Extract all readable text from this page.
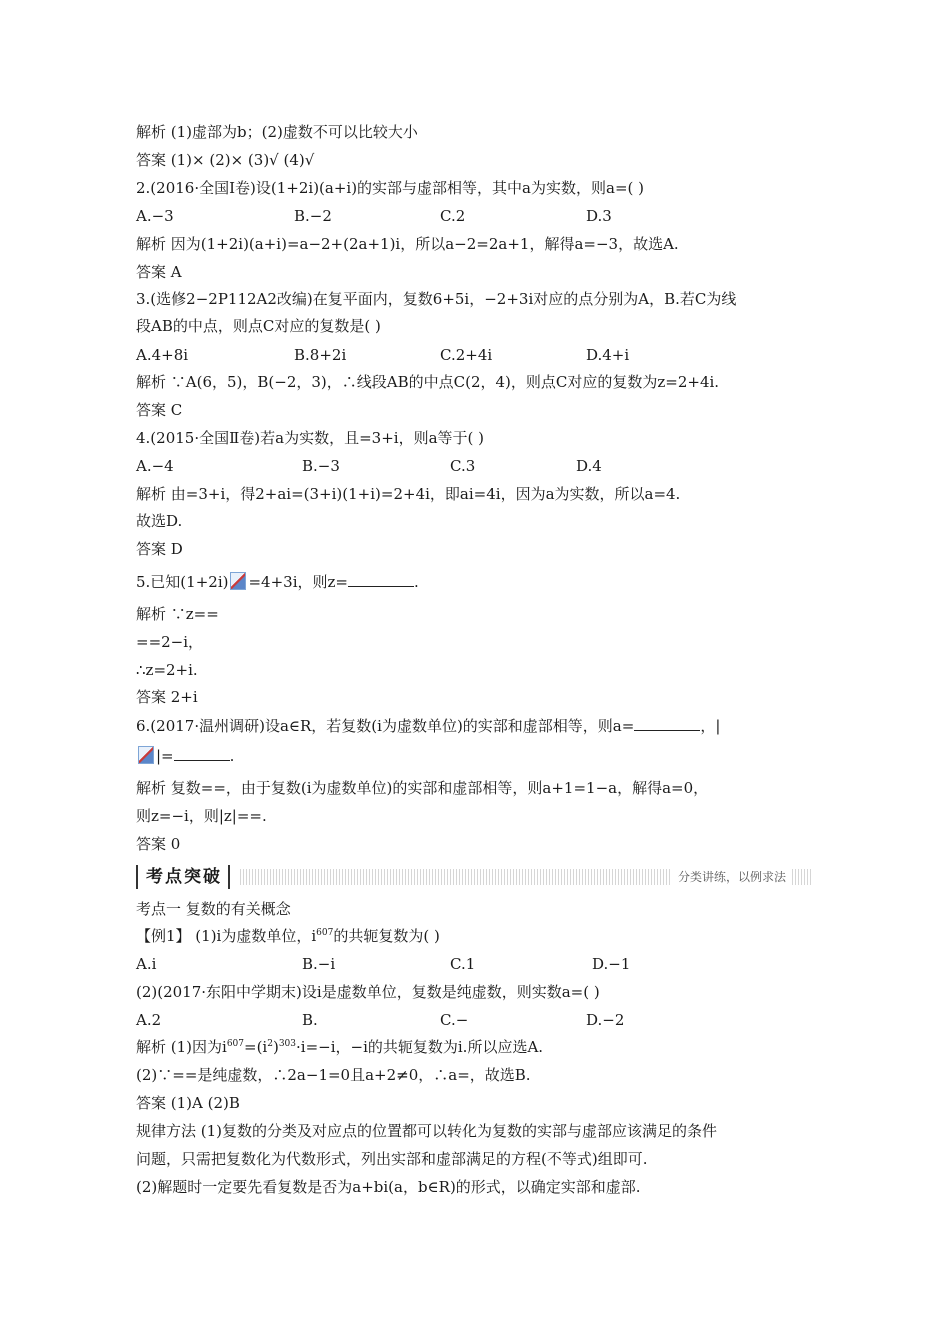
解析 (1)虚部为b；(2)虚数不可以比较大小
答案 (1)× (2)× (3)√ (4)√
2.(2016·全国Ⅰ卷)设(1+2i)(a+i)的实部与虚部相等，其中a为实数，则a=( )
A.−3	B.−2	C.2	D.3
解析 因为(1+2i)(a+i)=a−2+(2a+1)i，所以a−2=2a+1，解得a=−3，故选A.
答案 A
3.(选修2−2P112A2改编)在复平面内，复数6+5i，−2+3i对应的点分别为A，B.若C为线
段AB的中点，则点C对应的复数是( )
A.4+8i	B.8+2i	C.2+4i	D.4+i
解析 ∵A(6，5)，B(−2，3)，∴线段AB的中点C(2，4)，则点C对应的复数为z=2+4i.
答案 C
4.(2015·全国Ⅱ卷)若a为实数，且=3+i，则a等于( )
A.−4	B.−3	C.3	D.4
解析 由=3+i，得2+ai=(3+i)(1+i)=2+4i，即ai=4i，因为a为实数，所以a=4.
故选D.
答案 D
5.已知(1+2i) =4+3i，则z=	.
解析 ∵z==
==2−i，
∴z=2+i.
答案 2+i
6.(2017·温州调研)设a∈R，若复数(i为虚数单位)的实部和虚部相等，则a=	，|
|=	.
解析 复数==，由于复数(i为虚数单位)的实部和虚部相等，则a+1=1−a，解得a=0，
则z=−i，则|z|==.
答案 0
考点突破	分类讲练，以例求法
考点一 复数的有关概念
【例1】 (1)i为虚数单位，$i^{607}$的共轭复数为( )
A.i	B.−i	C.1	D.−1
(2)(2017·东阳中学期末)设i是虚数单位，复数是纯虚数，则实数a=( )
A.2	B.	C.−	D.−2
解析 (1)因为$i^{607}=(i^2)^{303}\cdot i=-i$，−i的共轭复数为i.所以应选A.
(2)∵==是纯虚数，∴2a−1=0且a+2≠0，∴a=，故选B.
答案 (1)A (2)B
规律方法 (1)复数的分类及对应点的位置都可以转化为复数的实部与虚部应该满足的条件
问题，只需把复数化为代数形式，列出实部和虚部满足的方程(不等式)组即可.
(2)解题时一定要先看复数是否为a+bi(a，b∈R)的形式，以确定实部和虚部.
